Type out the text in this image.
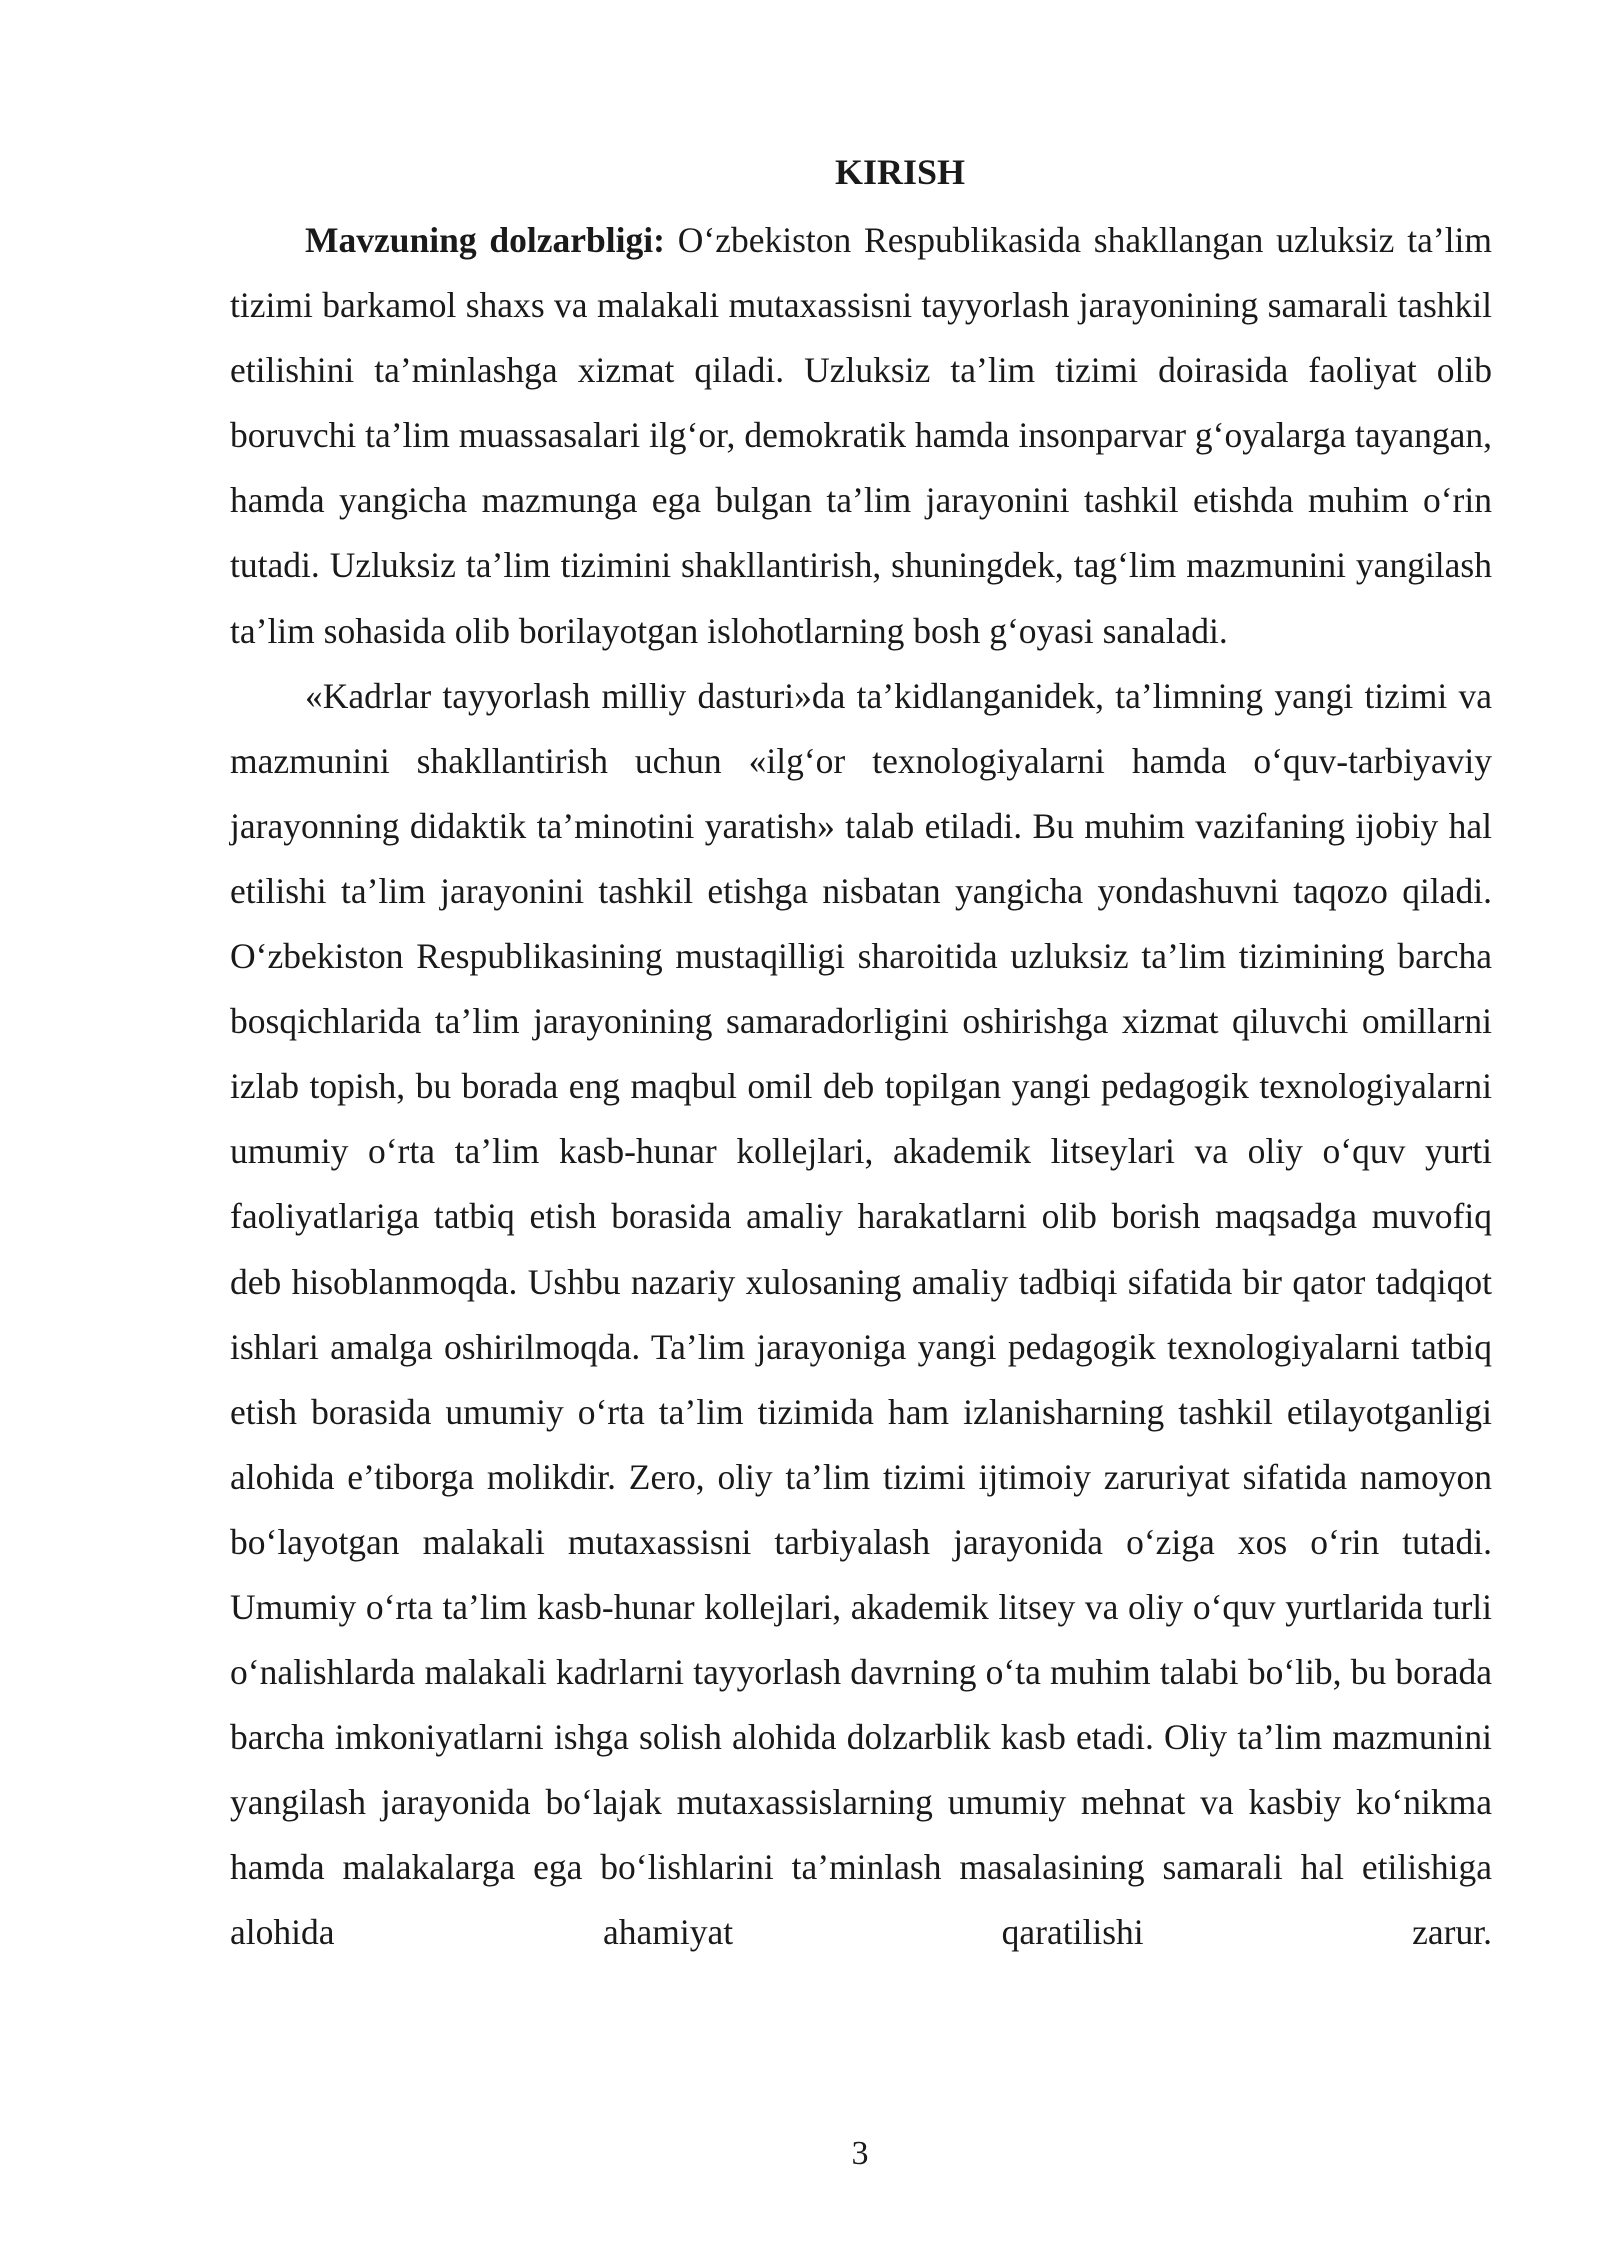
KIRISH

Mavzuning dolzarbligi: O‘zbekiston Respublikasida shakllangan uzluksiz ta’lim tizimi barkamol shaxs va malakali mutaxassisni tayyorlash jarayonining samarali tashkil etilishini ta’minlashga xizmat qiladi. Uzluksiz ta’lim tizimi doirasida faoliyat olib boruvchi ta’lim muassasalari ilg‘or, demokratik hamda insonparvar g‘oyalarga tayangan, hamda yangicha mazmunga ega bulgan ta’lim jarayonini tashkil etishda muhim o‘rin tutadi. Uzluksiz ta’lim tizimini shakllantirish, shuningdek, tag‘lim mazmunini yangilash ta’lim sohasida olib borilayotgan islohotlarning bosh g‘oyasi sanaladi.

«Kadrlar tayyorlash milliy dasturi»da ta’kidlanganidek, ta’limning yangi tizimi va mazmunini shakllantirish uchun «ilg‘or texnologiyalarni hamda o‘quv-tarbiyaviy jarayonning didaktik ta’minotini yaratish» talab etiladi. Bu muhim vazifaning ijobiy hal etilishi ta’lim jarayonini tashkil etishga nisbatan yangicha yondashuvni taqozo qiladi. O‘zbekiston Respublikasining mustaqilligi sharoitida uzluksiz ta’lim tizimining barcha bosqichlarida ta’lim jarayonining samaradorligini oshirishga xizmat qiluvchi omillarni izlab topish, bu borada eng maqbul omil deb topilgan yangi pedagogik texnologiyalarni umumiy o‘rta ta’lim kasb-hunar kollejlari, akademik litseylari va oliy o‘quv yurti faoliyatlariga tatbiq etish borasida amaliy harakatlarni olib borish maqsadga muvofiq deb hisoblanmoqda. Ushbu nazariy xulosaning amaliy tadbiqi sifatida bir qator tadqiqot ishlari amalga oshirilmoqda. Ta’lim jarayoniga yangi pedagogik texnologiyalarni tatbiq etish borasida umumiy o‘rta ta’lim tizimida ham izlanisharning tashkil etilayotganligi alohida e’tiborga molikdir. Zero, oliy ta’lim tizimi ijtimoiy zaruriyat sifatida namoyon bo‘layotgan malakali mutaxassisni tarbiyalash jarayonida o‘ziga xos o‘rin tutadi. Umumiy o‘rta ta’lim kasb-hunar kollejlari, akademik litsey va oliy o‘quv yurtlarida turli o‘nalishlarda malakali kadrlarni tayyorlash davrning o‘ta muhim talabi bo‘lib, bu borada barcha imkoniyatlarni ishga solish alohida dolzarblik kasb etadi. Oliy ta’lim mazmunini yangilash jarayonida bo‘lajak mutaxassislarning umumiy mehnat va kasbiy ko‘nikma hamda malakalarga ega bo‘lishlarini ta’minlash masalasining samarali hal etilishiga alohida ahamiyat qaratilishi zarur.

3
